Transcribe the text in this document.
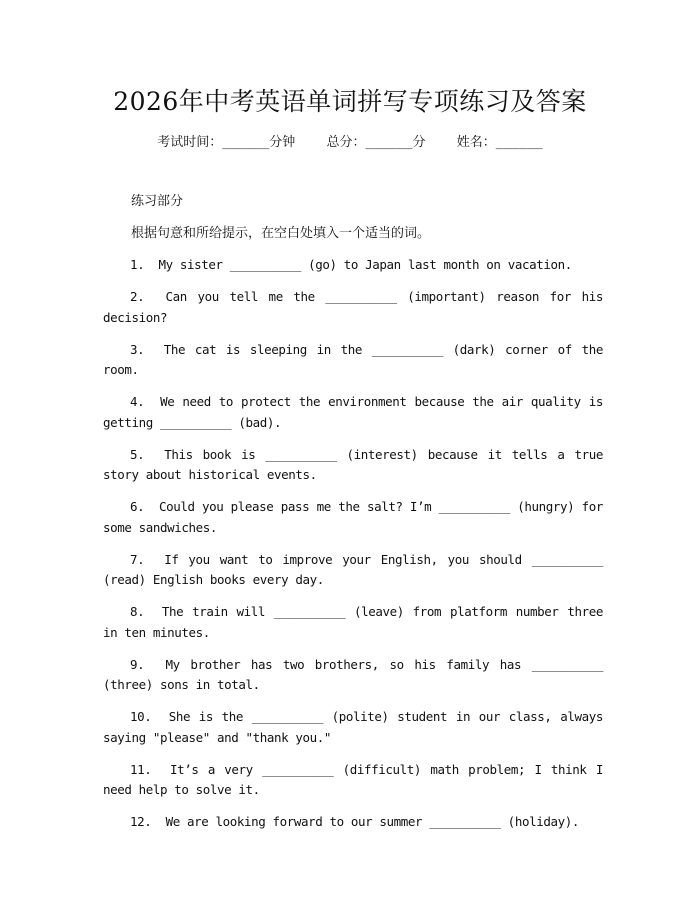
2026年中考英语单词拼写专项练习及答案
考试时间：______分钟    总分：______分    姓名：______
练习部分
根据句意和所给提示，在空白处填入一个适当的词。
1. My sister __________ (go) to Japan last month on vacation.
2. Can you tell me the __________ (important) reason for his decision?
3. The cat is sleeping in the __________ (dark) corner of the room.
4. We need to protect the environment because the air quality is getting __________ (bad).
5. This book is __________ (interest) because it tells a true story about historical events.
6. Could you please pass me the salt? I’m __________ (hungry) for some sandwiches.
7. If you want to improve your English, you should __________ (read) English books every day.
8. The train will __________ (leave) from platform number three in ten minutes.
9. My brother has two brothers, so his family has __________ (three) sons in total.
10. She is the __________ (polite) student in our class, always saying "please" and "thank you."
11. It’s a very __________ (difficult) math problem; I think I need help to solve it.
12. We are looking forward to our summer __________ (holiday).
